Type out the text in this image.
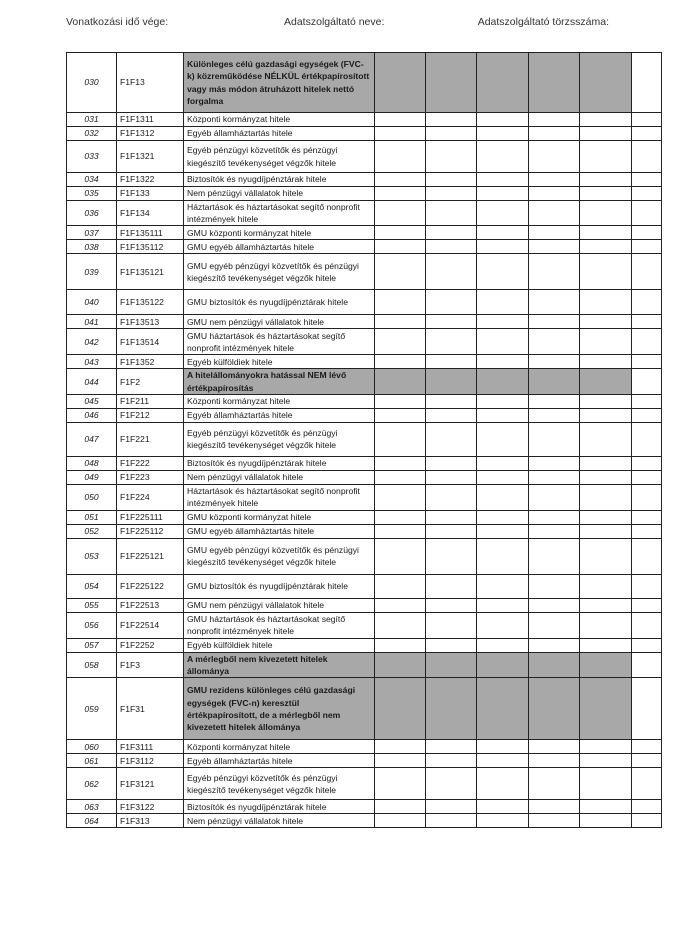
Vonatkozási idő vége:	Adatszolgáltató neve:	Adatszolgáltató törzsszáma:
030	F1F13	Különleges célú gazdasági egységek (FVC-k) közreműködése NÉLKÜL értékpapírosított vagy más módon átruházott hitelek nettó forgalma						
031	F1F1311	Központi kormányzat hitele						
032	F1F1312	Egyéb államháztartás hitele						
033	F1F1321	Egyéb pénzügyi közvetítők és pénzügyi kiegészítő tevékenységet végzők hitele						
034	F1F1322	Biztosítók és nyugdíjpénztárak hitele						
035	F1F133	Nem pénzügyi vállalatok hitele						
036	F1F134	Háztartások és háztartásokat segítő nonprofit intézmények hitele						
037	F1F135111	GMU központi kormányzat hitele						
038	F1F135112	GMU egyéb államháztartás hitele						
039	F1F135121	GMU egyéb pénzügyi közvetítők és pénzügyi kiegészítő tevékenységet végzők hitele						
040	F1F135122	GMU biztosítók és nyugdíjpénztárak hitele						
041	F1F13513	GMU nem pénzügyi vállalatok hitele						
042	F1F13514	GMU háztartások és háztartásokat segítő nonprofit intézmények hitele						
043	F1F1352	Egyéb külföldiek hitele						
044	F1F2	A hitelállományokra hatással NEM lévő értékpapírosítás						
045	F1F211	Központi kormányzat hitele						
046	F1F212	Egyéb államháztartás hitele						
047	F1F221	Egyéb pénzügyi közvetítők és pénzügyi kiegészítő tevékenységet végzők hitele						
048	F1F222	Biztosítók és nyugdíjpénztárak hitele						
049	F1F223	Nem pénzügyi vállalatok hitele						
050	F1F224	Háztartások és háztartásokat segítő nonprofit intézmények hitele						
051	F1F225111	GMU központi kormányzat hitele						
052	F1F225112	GMU egyéb államháztartás hitele						
053	F1F225121	GMU egyéb pénzügyi közvetítők és pénzügyi kiegészítő tevékenységet végzők hitele						
054	F1F225122	GMU biztosítók és nyugdíjpénztárak hitele						
055	F1F22513	GMU nem pénzügyi vállalatok hitele						
056	F1F22514	GMU háztartások és háztartásokat segítő nonprofit intézmények hitele						
057	F1F2252	Egyéb külföldiek hitele						
058	F1F3	A mérlegből nem kivezetett hitelek állománya						
059	F1F31	GMU rezidens különleges célú gazdasági egységek (FVC-n) keresztül értékpapírosított, de a mérlegből nem kivezetett hitelek állománya						
060	F1F3111	Központi kormányzat hitele						
061	F1F3112	Egyéb államháztartás hitele						
062	F1F3121	Egyéb pénzügyi közvetítők és pénzügyi kiegészítő tevékenységet végzők hitele						
063	F1F3122	Biztosítók és nyugdíjpénztárak hitele						
064	F1F313	Nem pénzügyi vállalatok hitele						
